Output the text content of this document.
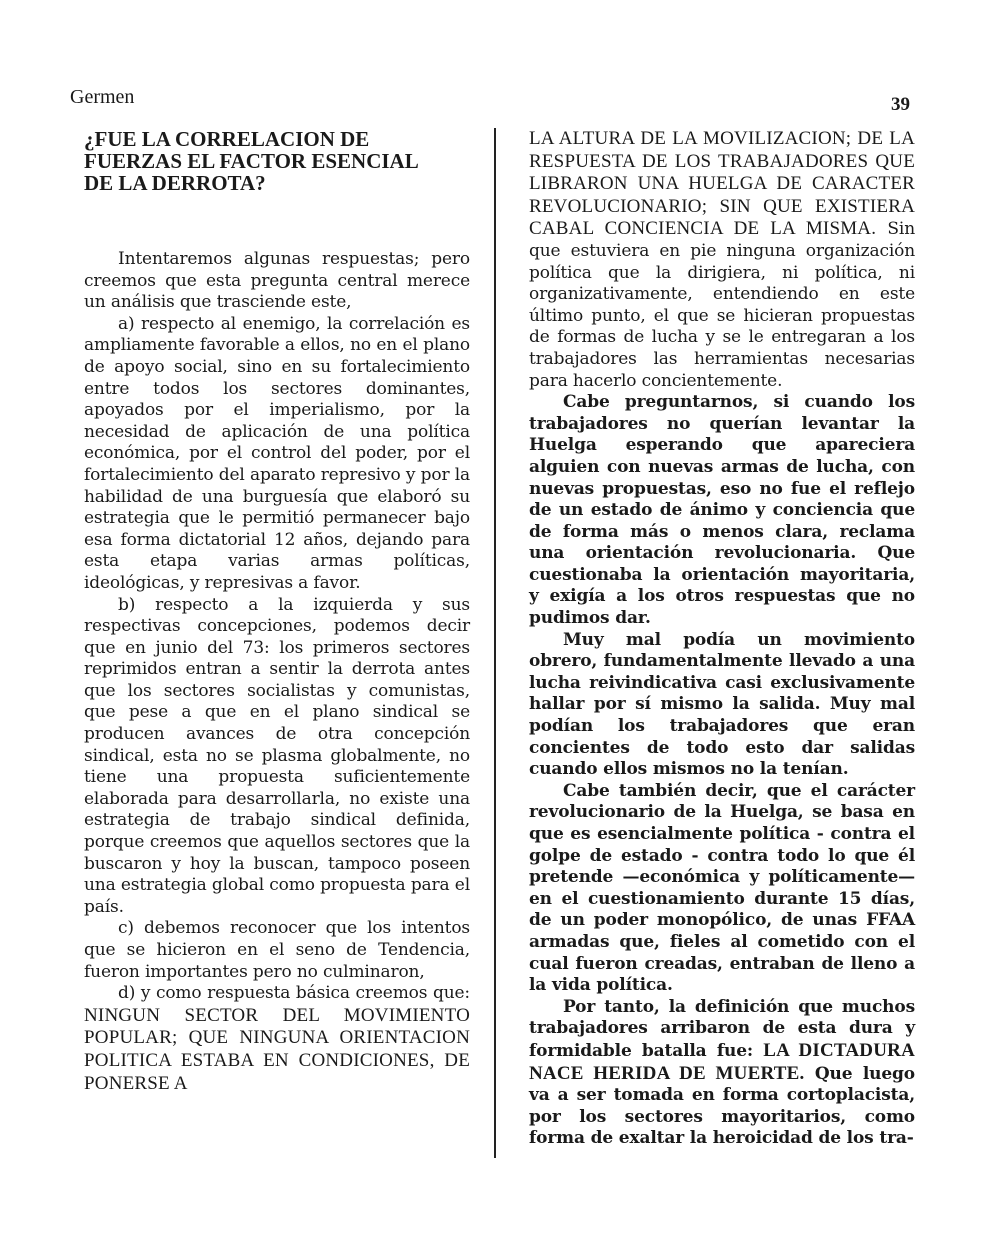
Germen	39
¿FUE LA CORRELACION DE
FUERZAS EL FACTOR ESENCIAL
DE LA DERROTA?

Intentaremos algunas respuestas; pero creemos que esta pregunta central merece un análisis que trasciende este,

a) respecto al enemigo, la correlación es ampliamente favorable a ellos, no en el plano de apoyo social, sino en su fortalecimiento entre todos los sectores dominantes, apoyados por el imperialismo, por la necesidad de aplicación de una política económica, por el control del poder, por el fortalecimiento del aparato represivo y por la habilidad de una burguesía que elaboró su estrategia que le permitió permanecer bajo esa forma dictatorial 12 años, dejando para esta etapa varias armas políticas, ideológicas, y represivas a favor.

b) respecto a la izquierda y sus respectivas concepciones, podemos decir que en junio del 73: los primeros sectores reprimidos entran a sentir la derrota antes que los sectores socialistas y comunistas, que pese a que en el plano sindical se producen avances de otra concepción sindical, esta no se plasma globalmente, no tiene una propuesta suficientemente elaborada para desarrollarla, no existe una estrategia de trabajo sindical definida, porque creemos que aquellos sectores que la buscaron y hoy la buscan, tampoco poseen una estrategia global como propuesta para el país.

c) debemos reconocer que los intentos que se hicieron en el seno de Tendencia, fueron importantes pero no culminaron,

d) y como respuesta básica creemos que: NINGUN SECTOR DEL MOVIMIENTO POPULAR; QUE NINGUNA ORIENTACION POLITICA ESTABA EN CONDICIONES, DE PONERSE A

LA ALTURA DE LA MOVILIZACION; DE LA RESPUESTA DE LOS TRABAJADORES QUE LIBRARON UNA HUELGA DE CARACTER REVOLUCIONARIO; SIN QUE EXISTIERA CABAL CONCIENCIA DE LA MISMA. Sin que estuviera en pie ninguna organización política que la dirigiera, ni política, ni organizativamente, entendiendo en este último punto, el que se hicieran propuestas de formas de lucha y se le entregaran a los trabajadores las herramientas necesarias para hacerlo concientemente.

Cabe preguntarnos, si cuando los trabajadores no querían levantar la Huelga esperando que apareciera alguien con nuevas armas de lucha, con nuevas propuestas, eso no fue el reflejo de un estado de ánimo y conciencia que de forma más o menos clara, reclama una orientación revolucionaria. Que cuestionaba la orientación mayoritaria, y exigía a los otros respuestas que no pudimos dar.

Muy mal podía un movimiento obrero, fundamentalmente llevado a una lucha reivindicativa casi exclusivamente hallar por sí mismo la salida. Muy mal podían los trabajadores que eran concientes de todo esto dar salidas cuando ellos mismos no la tenían.

Cabe también decir, que el carácter revolucionario de la Huelga, se basa en que es esencialmente política - contra el golpe de estado - contra todo lo que él pretende —económica y políticamente— en el cuestionamiento durante 15 días, de un poder monopólico, de unas FFAA armadas que, fieles al cometido con el cual fueron creadas, entraban de lleno a la vida política.

Por tanto, la definición que muchos trabajadores arribaron de esta dura y formidable batalla fue: LA DICTADURA NACE HERIDA DE MUERTE. Que luego va a ser tomada en forma cortoplacista, por los sectores mayoritarios, como forma de exaltar la heroicidad de los tra-
